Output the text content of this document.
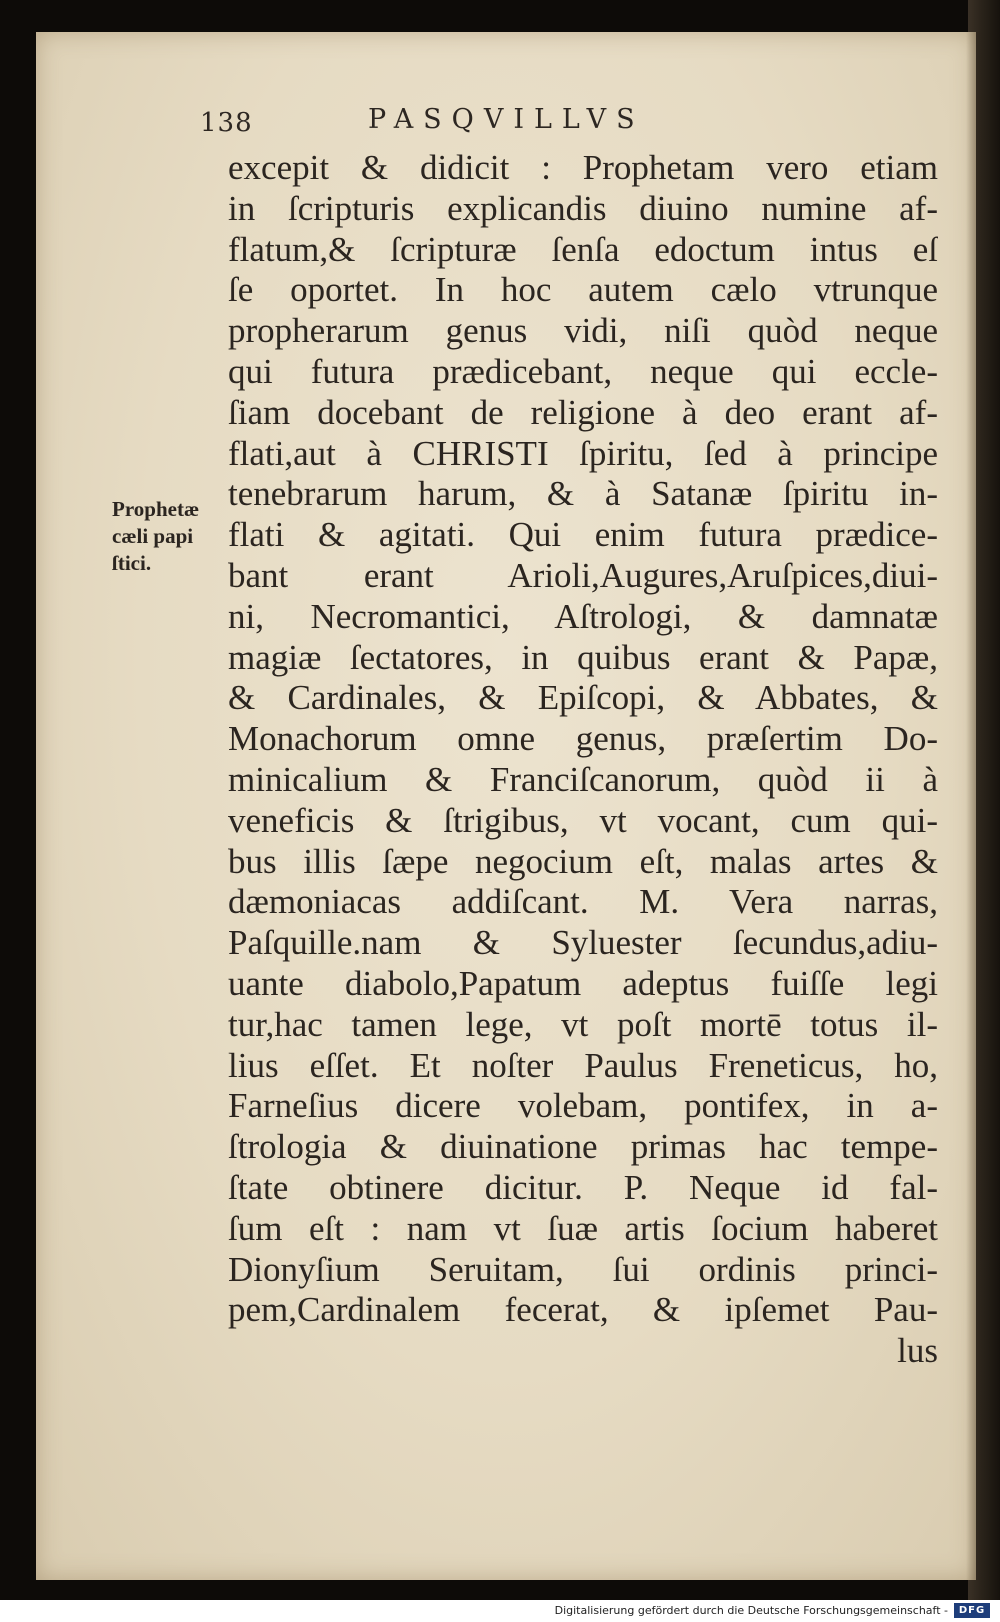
138	PASQVILLVS
Prophetæ
cæli papi
ſtici.
excepit & didicit : Prophetam vero etiam
in ſcripturis explicandis diuino numine af-
flatum,& ſcripturæ ſenſa edoctum intus eſ
ſe oportet. In hoc autem cælo vtrunque
propherarum genus vidi, niſi quòd neque
qui futura prædicebant, neque qui eccle-
ſiam docebant de religione à deo erant af-
flati,aut à CHRISTI ſpiritu, ſed à principe
tenebrarum harum, & à Satanæ ſpiritu in-
flati & agitati. Qui enim futura prædice-
bant erant Arioli,Augures,Aruſpices,diui-
ni, Necromantici, Aſtrologi, & damnatæ
magiæ ſectatores, in quibus erant & Papæ,
& Cardinales, & Epiſcopi, & Abbates, &
Monachorum omne genus, præſertim Do-
minicalium & Franciſcanorum, quòd ii à
veneficis & ſtrigibus, vt vocant, cum qui-
bus illis ſæpe negocium eſt, malas artes &
dæmoniacas addiſcant. M. Vera narras,
Paſquille.nam & Syluester ſecundus,adiu-
uante diabolo,Papatum adeptus fuiſſe legi
tur,hac tamen lege, vt poſt mortē totus il-
lius eſſet. Et noſter Paulus Freneticus, ho,
Farneſius dicere volebam, pontifex, in a-
ſtrologia & diuinatione primas hac tempe-
ſtate obtinere dicitur. P. Neque id fal-
ſum eſt : nam vt ſuæ artis ſocium haberet
Dionyſium Seruitam, ſui ordinis princi-
pem,Cardinalem fecerat, & ipſemet Pau-
lus
Digitalisierung gefördert durch die Deutsche Forschungsgemeinschaft -	DFG
